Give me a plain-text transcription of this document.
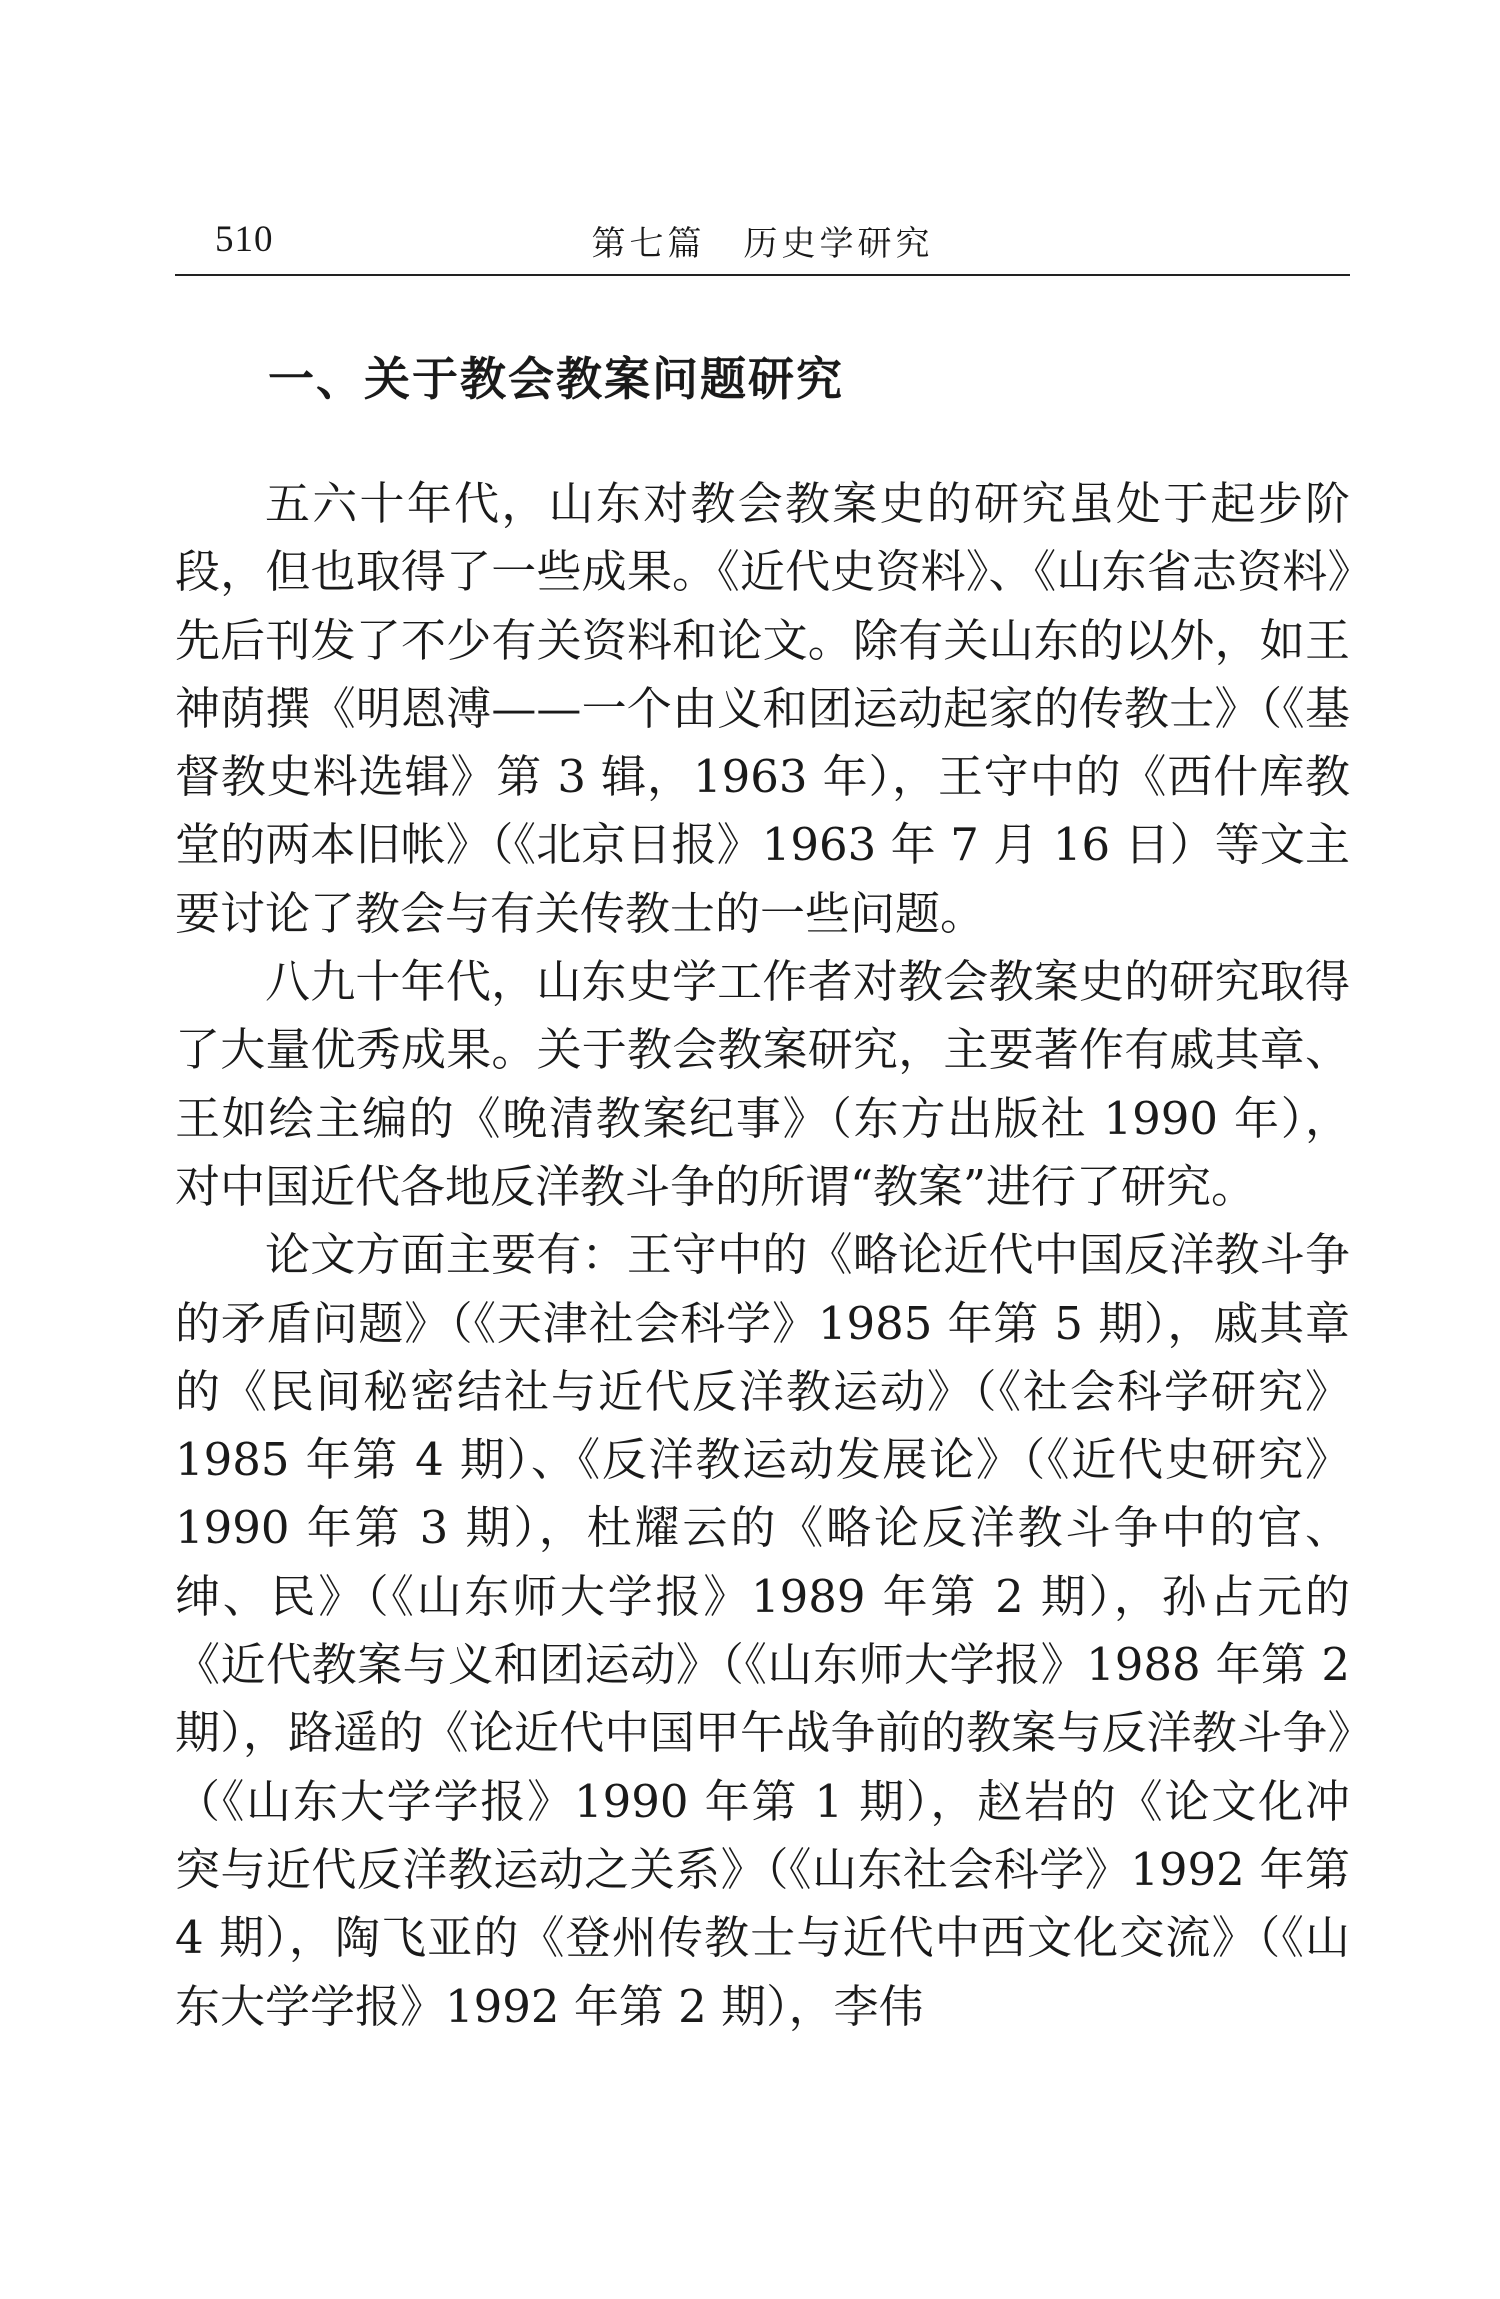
510	第七篇　历史学研究
一、关于教会教案问题研究

五六十年代，山东对教会教案史的研究虽处于起步阶段，但也取得了一些成果。《近代史资料》、《山东省志资料》先后刊发了不少有关资料和论文。除有关山东的以外，如王神荫撰《明恩溥——一个由义和团运动起家的传教士》（《基督教史料选辑》第 3 辑，1963 年），王守中的《西什库教堂的两本旧帐》（《北京日报》1963 年 7 月 16 日）等文主要讨论了教会与有关传教士的一些问题。

八九十年代，山东史学工作者对教会教案史的研究取得了大量优秀成果。关于教会教案研究，主要著作有戚其章、王如绘主编的《晚清教案纪事》（东方出版社 1990 年），对中国近代各地反洋教斗争的所谓“教案”进行了研究。

论文方面主要有：王守中的《略论近代中国反洋教斗争的矛盾问题》（《天津社会科学》1985 年第 5 期），戚其章的《民间秘密结社与近代反洋教运动》（《社会科学研究》1985 年第 4 期）、《反洋教运动发展论》（《近代史研究》1990 年第 3 期），杜耀云的《略论反洋教斗争中的官、绅、民》（《山东师大学报》1989 年第 2 期），孙占元的《近代教案与义和团运动》（《山东师大学报》1988 年第 2 期），路遥的《论近代中国甲午战争前的教案与反洋教斗争》（《山东大学学报》1990 年第 1 期），赵岩的《论文化冲突与近代反洋教运动之关系》（《山东社会科学》1992 年第 4 期），陶飞亚的《登州传教士与近代中西文化交流》（《山东大学学报》1992 年第 2 期），李伟
